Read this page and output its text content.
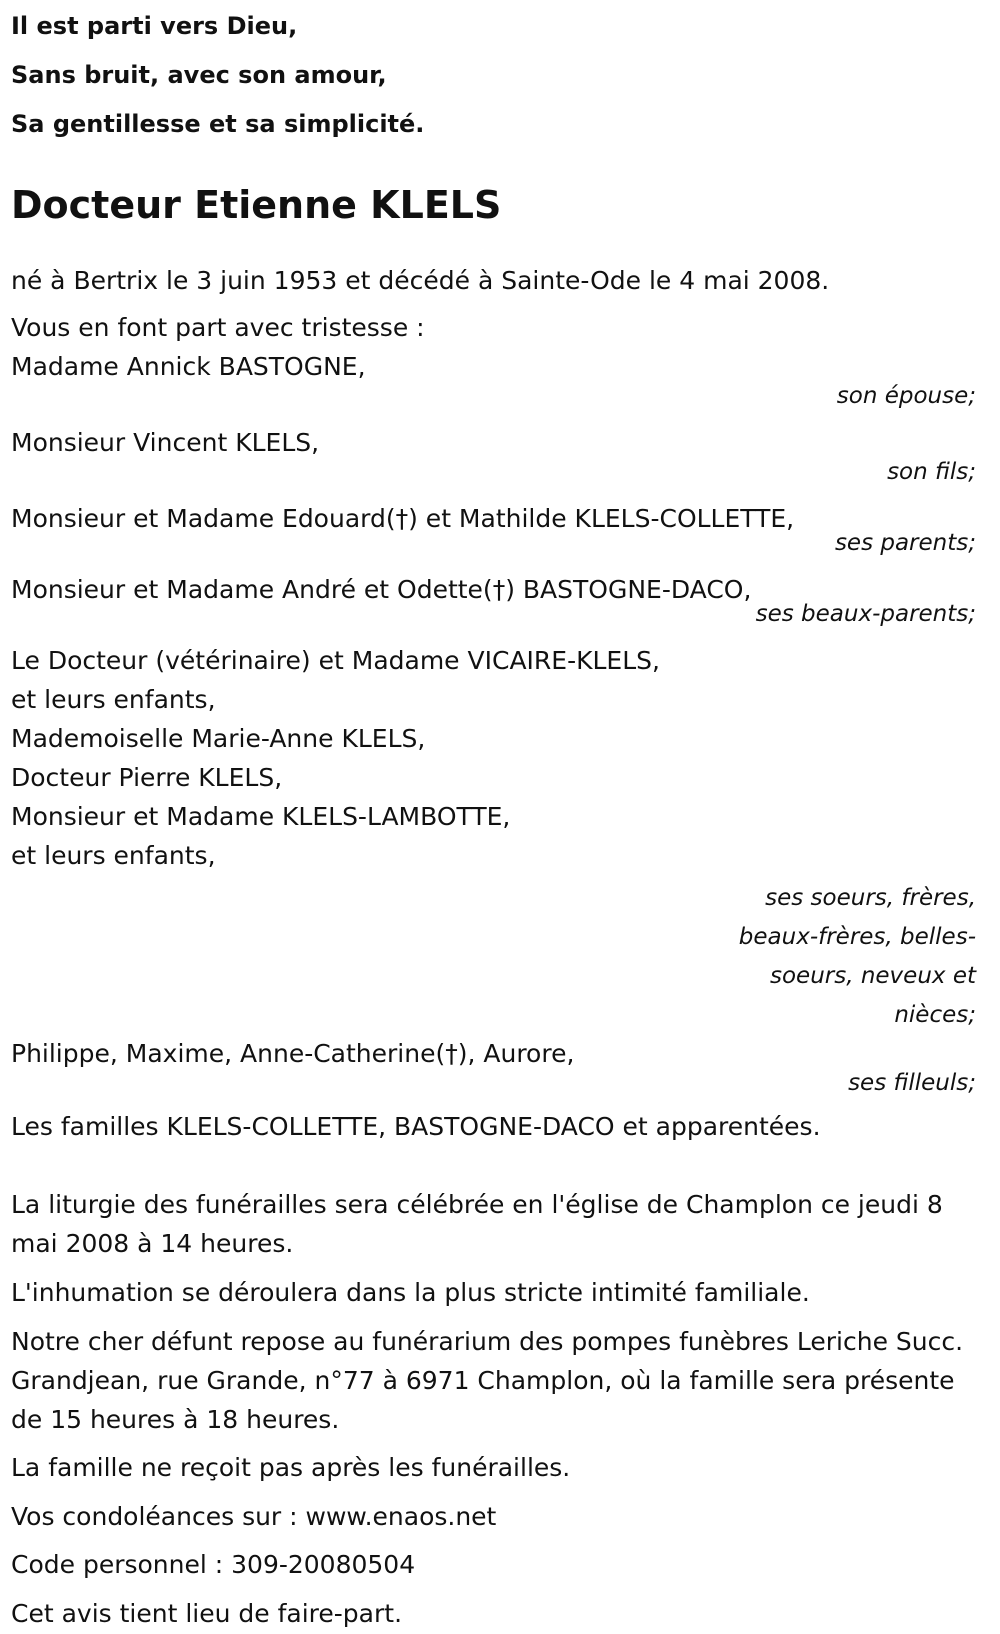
Il est parti vers Dieu,
Sans bruit, avec son amour,
Sa gentillesse et sa simplicité.
Docteur Etienne KLELS
né à Bertrix le 3 juin 1953 et décédé à Sainte-Ode le 4 mai 2008.
Vous en font part avec tristesse :
Madame Annick BASTOGNE,
son épouse;
Monsieur Vincent KLELS,
son fils;
Monsieur et Madame Edouard(†) et Mathilde KLELS-COLLETTE,
ses parents;
Monsieur et Madame André et Odette(†) BASTOGNE-DACO,
ses beaux-parents;
Le Docteur (vétérinaire) et Madame VICAIRE-KLELS,
et leurs enfants,
Mademoiselle Marie-Anne KLELS,
Docteur Pierre KLELS,
Monsieur et Madame KLELS-LAMBOTTE,
et leurs enfants,
ses soeurs, frères,
beaux-frères, belles-
soeurs, neveux et
nièces;
Philippe, Maxime, Anne-Catherine(†), Aurore,
ses filleuls;
Les familles KLELS-COLLETTE, BASTOGNE-DACO et apparentées.
La liturgie des funérailles sera célébrée en l'église de Champlon ce jeudi 8 mai 2008 à 14 heures.
L'inhumation se déroulera dans la plus stricte intimité familiale.
Notre cher défunt repose au funérarium des pompes funèbres Leriche Succ. Grandjean, rue Grande, n°77 à 6971 Champlon, où la famille sera présente de 15 heures à 18 heures.
La famille ne reçoit pas après les funérailles.
Vos condoléances sur : www.enaos.net
Code personnel : 309-20080504
Cet avis tient lieu de faire-part.
